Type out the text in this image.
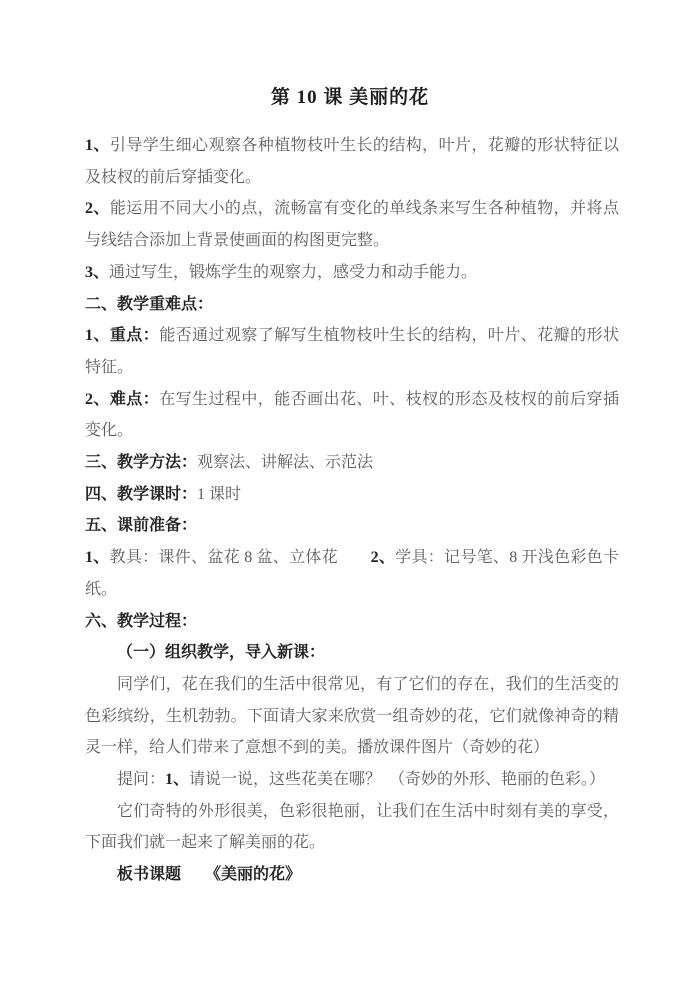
第 10 课 美丽的花

1、引导学生细心观察各种植物枝叶生长的结构，叶片，花瓣的形状特征以及枝杈的前后穿插变化。

2、能运用不同大小的点，流畅富有变化的单线条来写生各种植物，并将点与线结合添加上背景使画面的构图更完整。

3、通过写生，锻炼学生的观察力，感受力和动手能力。

二、教学重难点：

1、重点：能否通过观察了解写生植物枝叶生长的结构，叶片、花瓣的形状特征。

2、难点：在写生过程中，能否画出花、叶、枝杈的形态及枝杈的前后穿插变化。

三、教学方法：观察法、讲解法、示范法

四、教学课时：1 课时

五、课前准备：

1、教具：课件、盆花 8 盆、立体花　　2、学具：记号笔、8 开浅色彩色卡纸。

六、教学过程：

（一）组织教学，导入新课：

同学们，花在我们的生活中很常见，有了它们的存在，我们的生活变的色彩缤纷，生机勃勃。下面请大家来欣赏一组奇妙的花，它们就像神奇的精灵一样，给人们带来了意想不到的美。播放课件图片（奇妙的花）

提问：1、请说一说，这些花美在哪？　（奇妙的外形、艳丽的色彩。）

它们奇特的外形很美，色彩很艳丽，让我们在生活中时刻有美的享受，下面我们就一起来了解美丽的花。

板书课题　　《美丽的花》
